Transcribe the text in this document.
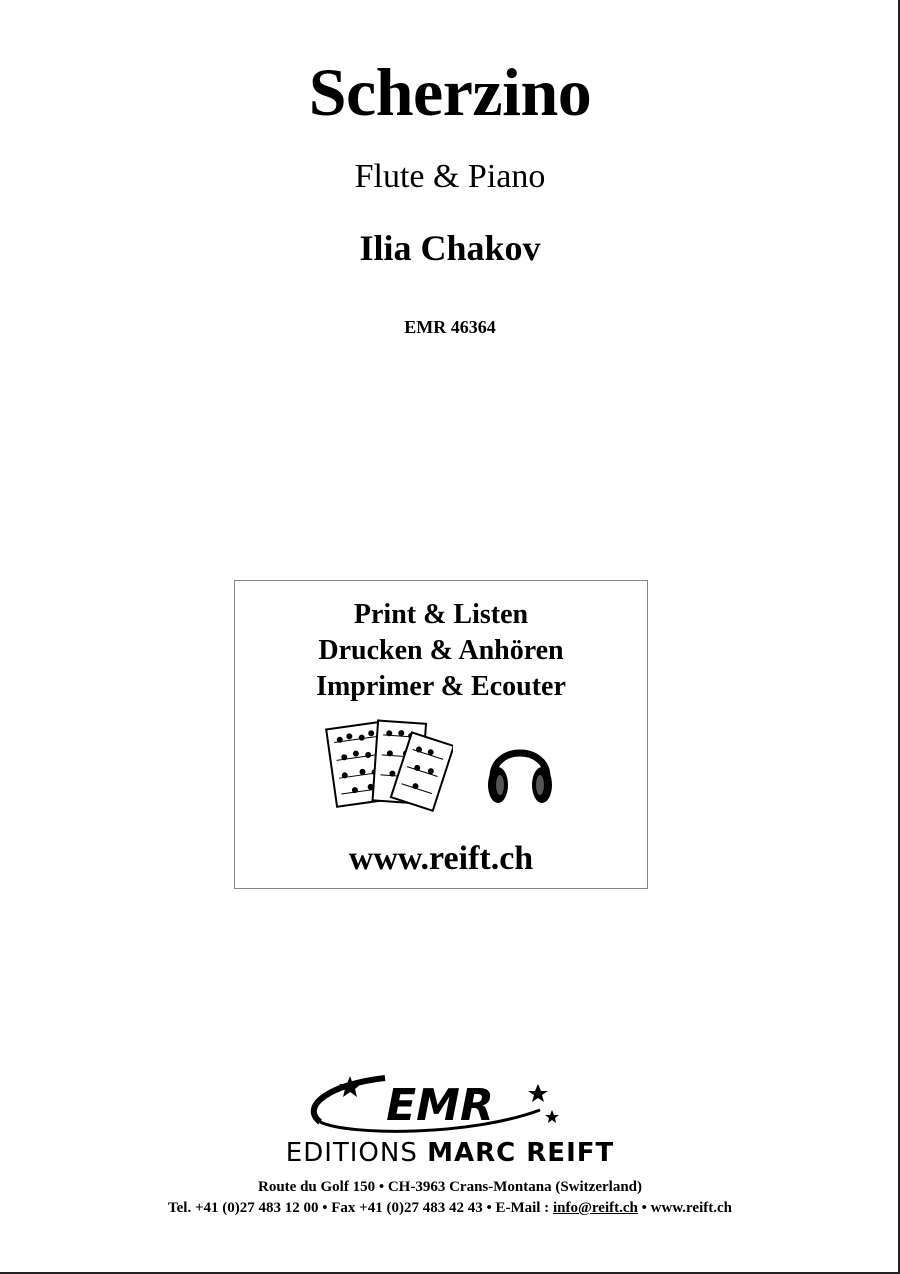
Scherzino
Flute & Piano
Ilia Chakov
EMR 46364
Print & Listen
Drucken & Anhören
Imprimer & Ecouter
www.reift.ch
EMR
EDITIONS MARC REIFT
Route du Golf 150 • CH-3963 Crans-Montana (Switzerland)
Tel. +41 (0)27 483 12 00 • Fax +41 (0)27 483 42 43 • E-Mail : info@reift.ch • www.reift.ch
